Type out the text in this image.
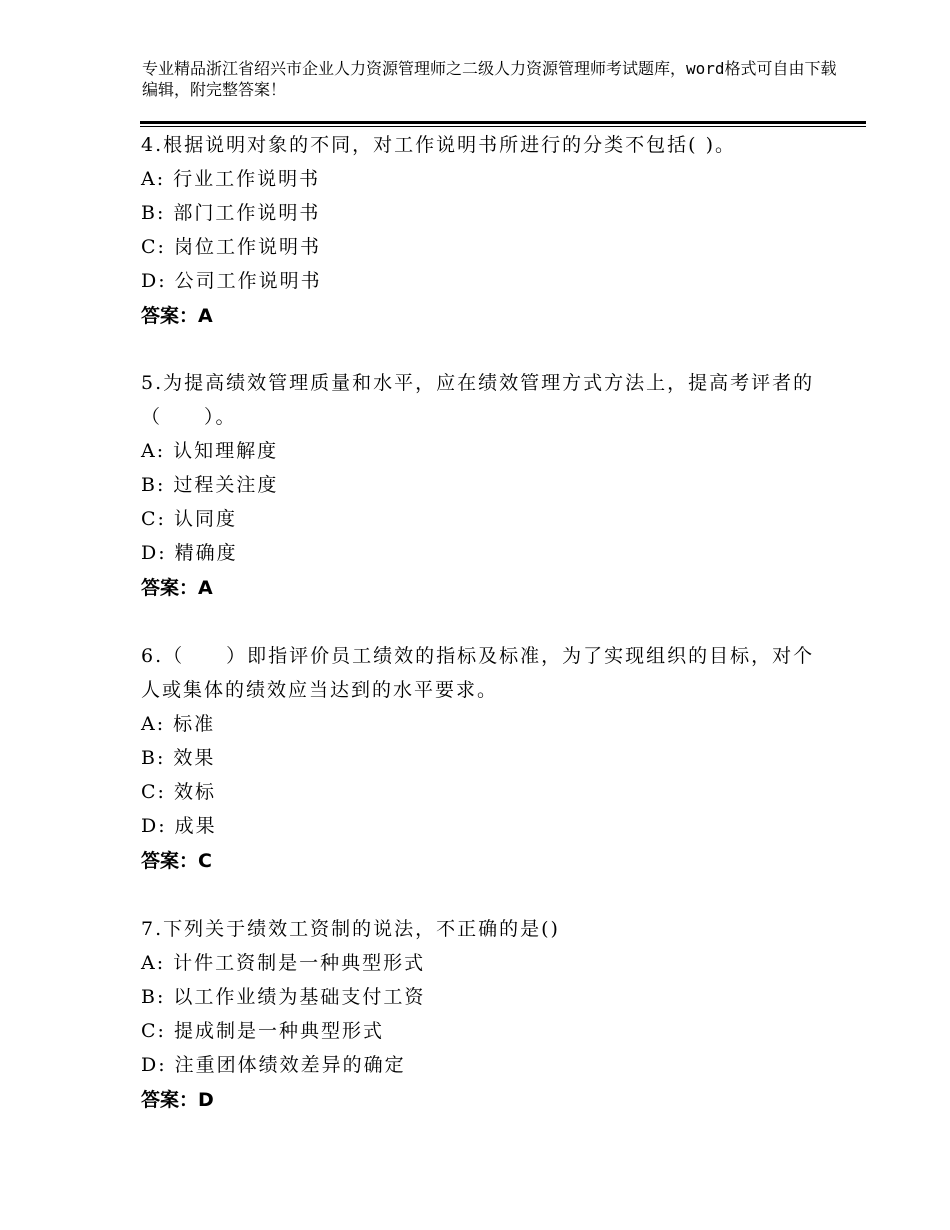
专业精品浙江省绍兴市企业人力资源管理师之二级人力资源管理师考试题库，word格式可自由下载编辑，附完整答案！
4.根据说明对象的不同，对工作说明书所进行的分类不包括( )。
A: 行业工作说明书
B: 部门工作说明书
C: 岗位工作说明书
D: 公司工作说明书
答案：A
5.为提高绩效管理质量和水平，应在绩效管理方式方法上，提高考评者的（　　）。
A: 认知理解度
B: 过程关注度
C: 认同度
D: 精确度
答案：A
6.（　　）即指评价员工绩效的指标及标准，为了实现组织的目标，对个人或集体的绩效应当达到的水平要求。
A: 标准
B: 效果
C: 效标
D: 成果
答案：C
7.下列关于绩效工资制的说法，不正确的是()
A: 计件工资制是一种典型形式
B: 以工作业绩为基础支付工资
C: 提成制是一种典型形式
D: 注重团体绩效差异的确定
答案：D
